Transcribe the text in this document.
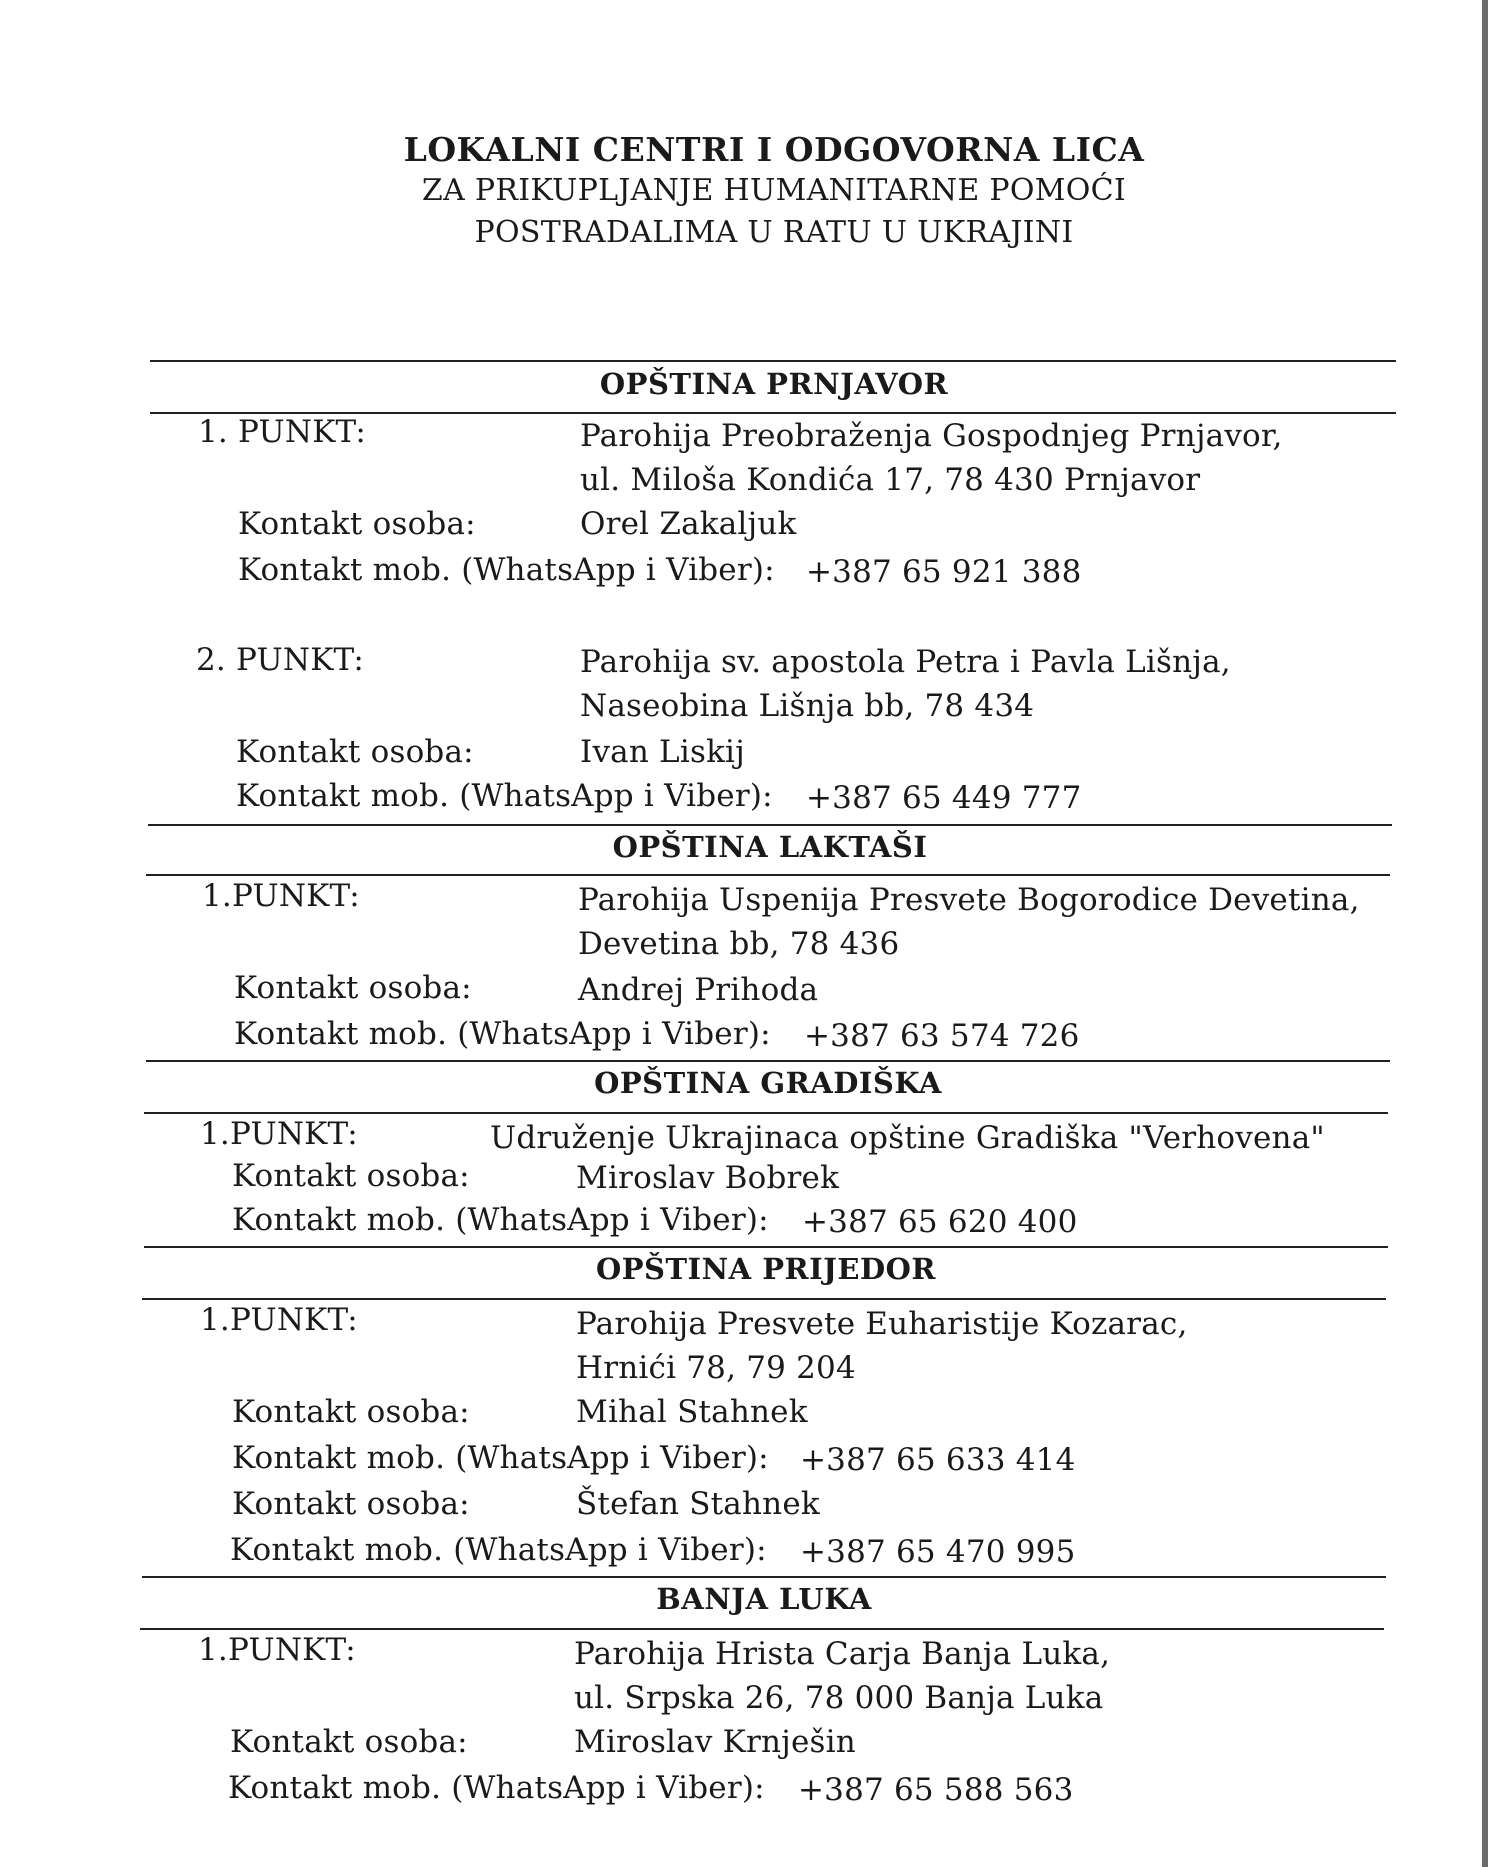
LOKALNI CENTRI I ODGOVORNA LICA
ZA PRIKUPLJANJE HUMANITARNE POMOĆI
POSTRADALIMA U RATU U UKRAJINI
OPŠTINA PRNJAVOR
1. PUNKT:	Parohija Preobraženja Gospodnjeg Prnjavor,
ul. Miloša Kondića 17, 78 430 Prnjavor
Kontakt osoba:	Orel Zakaljuk
Kontakt mob. (WhatsApp i Viber): +387 65 921 388
2. PUNKT:	Parohija sv. apostola Petra i Pavla Lišnja,
Naseobina Lišnja bb, 78 434
Kontakt osoba:	Ivan Liskij
Kontakt mob. (WhatsApp i Viber): +387 65 449 777
OPŠTINA LAKTAŠI
1.PUNKT:	Parohija Uspenija Presvete Bogorodice Devetina,
Devetina bb, 78 436
Kontakt osoba:	Andrej Prihoda
Kontakt mob. (WhatsApp i Viber): +387 63 574 726
OPŠTINA GRADIŠKA
1.PUNKT:	Udruženje Ukrajinaca opštine Gradiška "Verhovena"
Kontakt osoba:	Miroslav Bobrek
Kontakt mob. (WhatsApp i Viber): +387 65 620 400
OPŠTINA PRIJEDOR
1.PUNKT:	Parohija Presvete Euharistije Kozarac,
Hrnići 78, 79 204
Kontakt osoba:	Mihal Stahnek
Kontakt mob. (WhatsApp i Viber): +387 65 633 414
Kontakt osoba:	Štefan Stahnek
Kontakt mob. (WhatsApp i Viber): +387 65 470 995
BANJA LUKA
1.PUNKT:	Parohija Hrista Carja Banja Luka,
ul. Srpska 26, 78 000 Banja Luka
Kontakt osoba:	Miroslav Krnješin
Kontakt mob. (WhatsApp i Viber): +387 65 588 563
